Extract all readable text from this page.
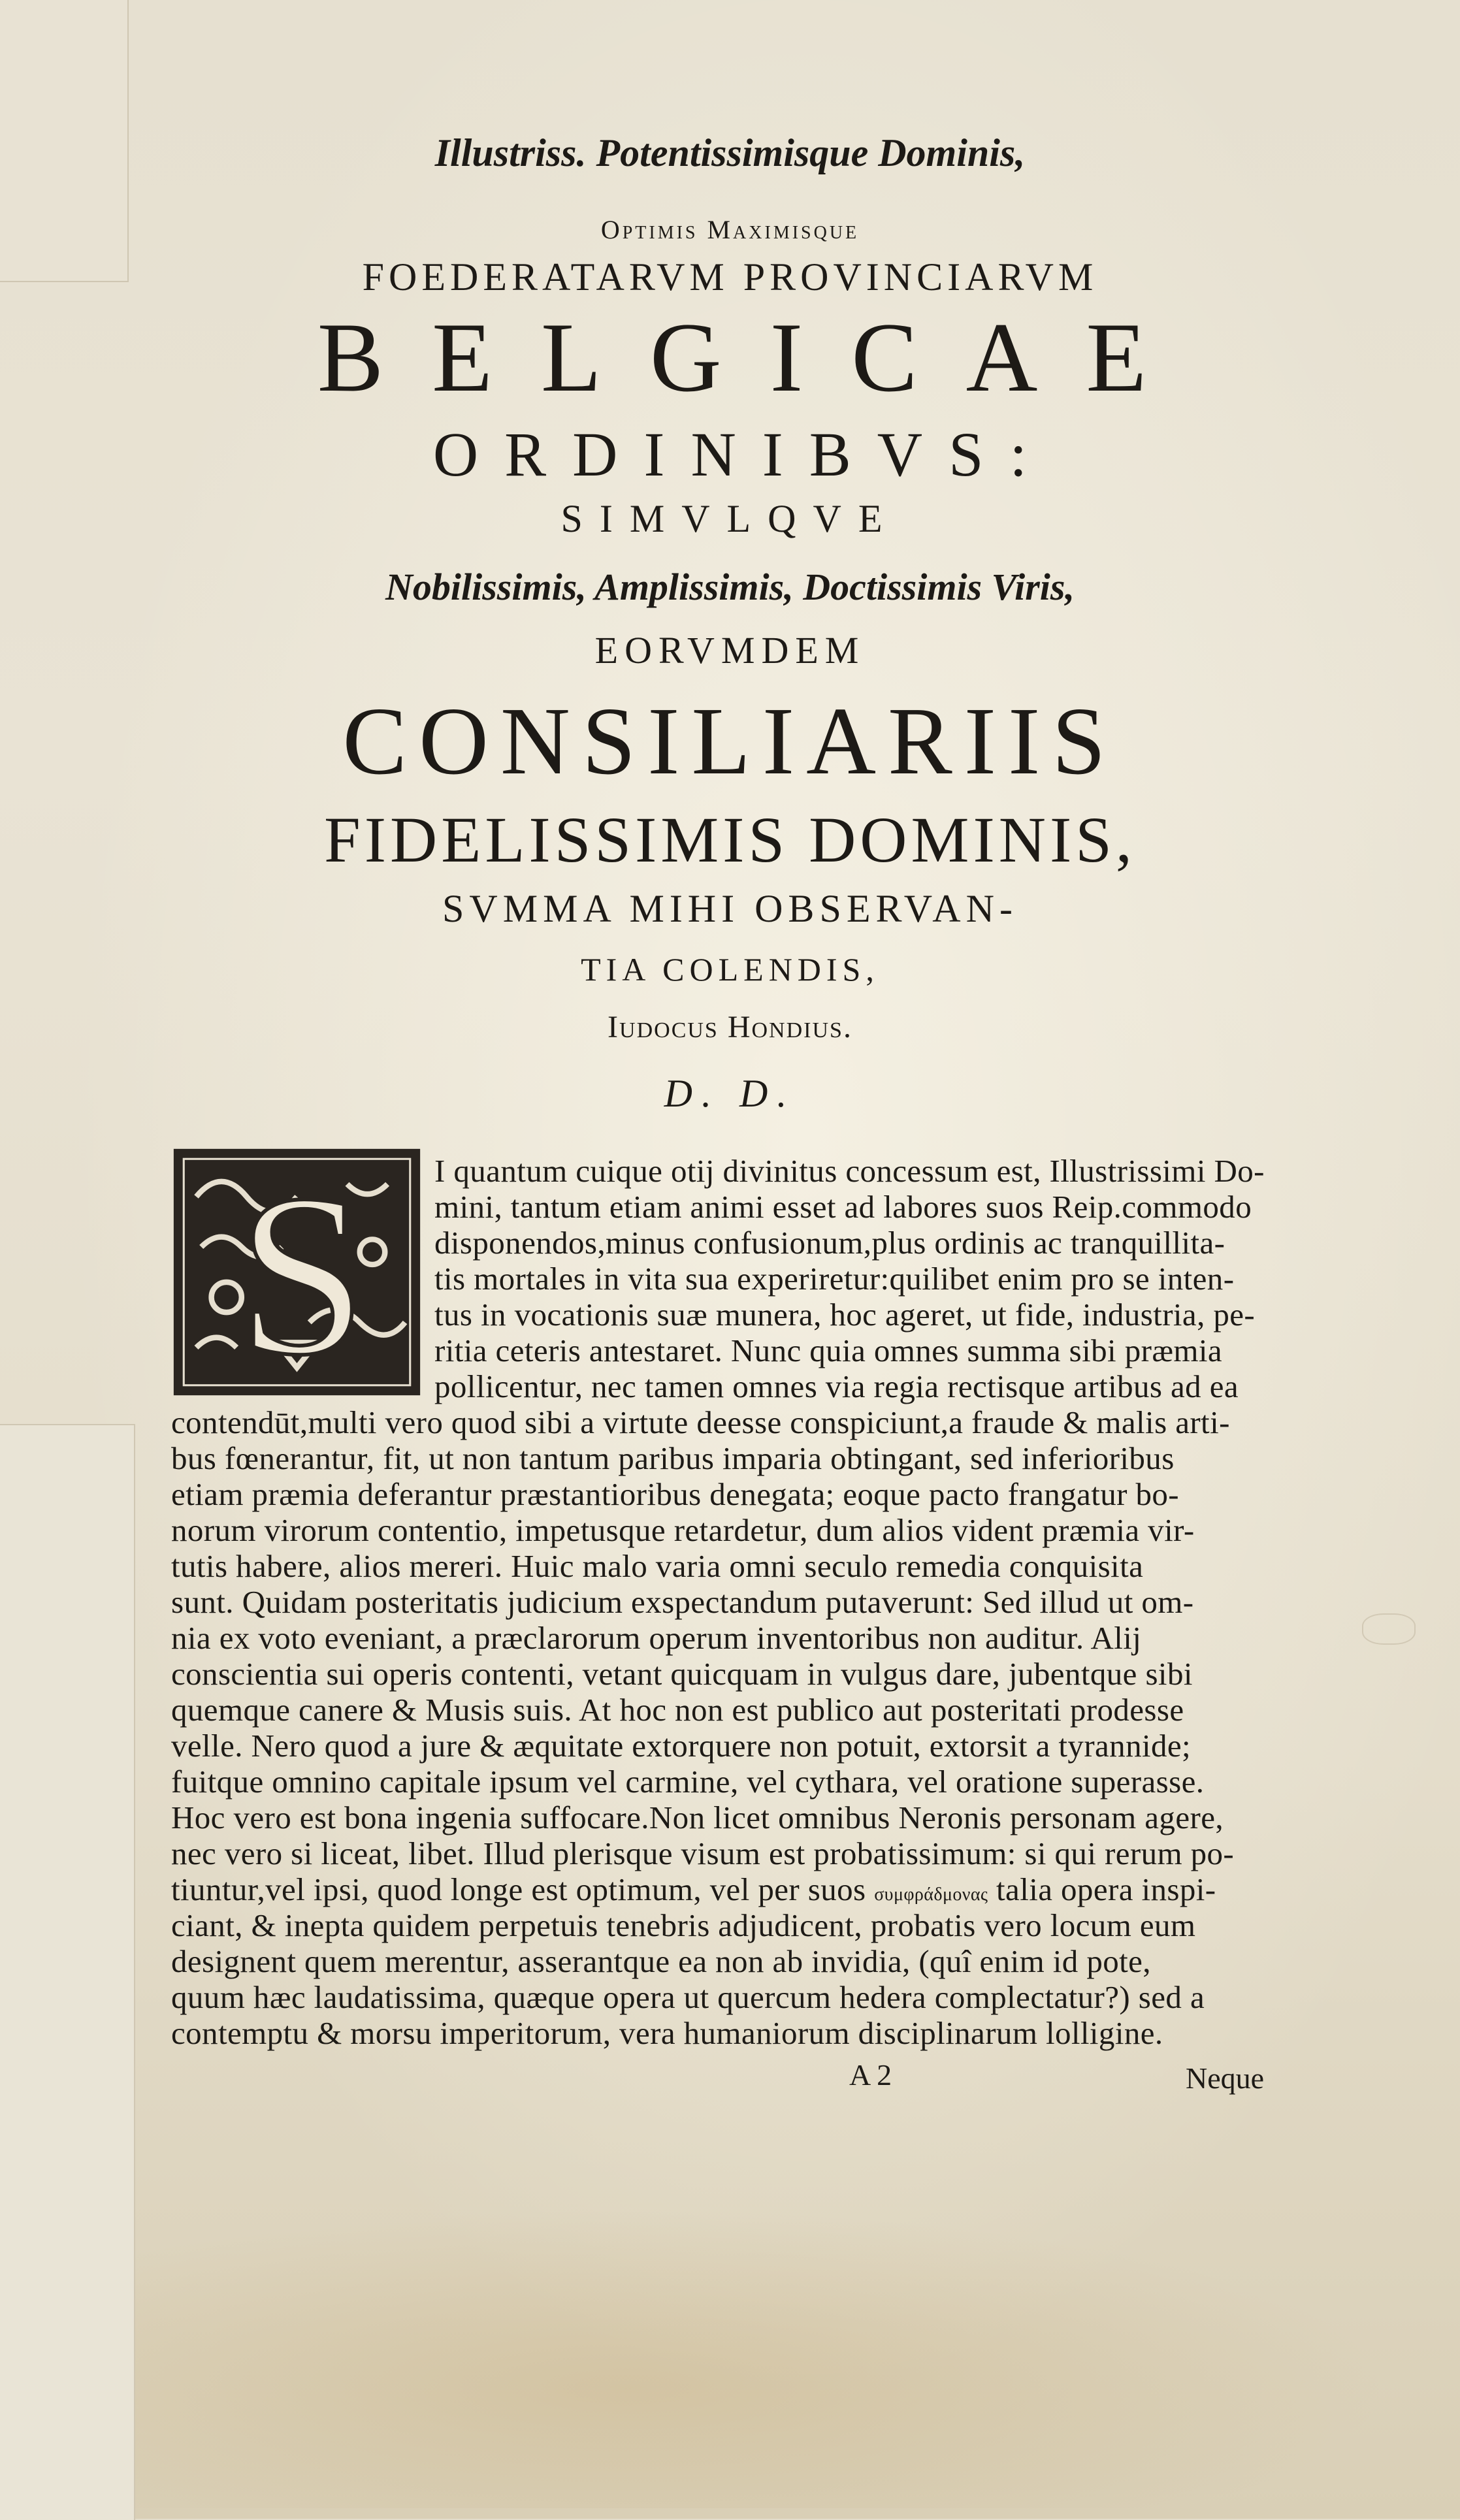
Illustriss. Potentissimisque Dominis,
Optimis Maximisque
FOEDERATARVM PROVINCIARVM
BELGICAE
ORDINIBVS:
SIMVLQVE
Nobilissimis, Amplissimis, Doctissimis Viris,
EORVMDEM
CONSILIARIIS
FIDELISSIMIS DOMINIS,
SVMMA MIHI OBSERVAN-
TIA COLENDIS,
Iudocus Hondius.
D. D.
S I quantum cuique otij divinitus concessum est, Illustrissimi Do-
mini, tantum etiam animi esset ad labores suos Reip.commodo
disponendos,minus confusionum,plus ordinis ac tranquillita-
tis mortales in vita sua experiretur:quilibet enim pro se inten-
tus in vocationis suæ munera, hoc ageret, ut fide, industria, pe-
ritia ceteris antestaret. Nunc quia omnes summa sibi præmia
pollicentur, nec tamen omnes via regia rectisque artibus ad ea
contendūt,multi vero quod sibi a virtute deesse conspiciunt,a fraude & malis arti-
bus fœnerantur, fit, ut non tantum paribus imparia obtingant, sed inferioribus
etiam præmia deferantur præstantioribus denegata; eoque pacto frangatur bo-
norum virorum contentio, impetusque retardetur, dum alios vident præmia vir-
tutis habere, alios mereri. Huic malo varia omni seculo remedia conquisita
sunt. Quidam posteritatis judicium exspectandum putaverunt: Sed illud ut om-
nia ex voto eveniant, a præclarorum operum inventoribus non auditur. Alij
conscientia sui operis contenti, vetant quicquam in vulgus dare, jubentque sibi
quemque canere & Musis suis. At hoc non est publico aut posteritati prodesse
velle. Nero quod a jure & æquitate extorquere non potuit, extorsit a tyrannide;
fuitque omnino capitale ipsum vel carmine, vel cythara, vel oratione superasse.
Hoc vero est bona ingenia suffocare.Non licet omnibus Neronis personam agere,
nec vero si liceat, libet. Illud plerisque visum est probatissimum: si qui rerum po-
tiuntur,vel ipsi, quod longe est optimum, vel per suos συμφράδμονας talia opera inspi-
ciant, & inepta quidem perpetuis tenebris adjudicent, probatis vero locum eum
designent quem merentur, asserantque ea non ab invidia, (quî enim id pote,
quum hæc laudatissima, quæque opera ut quercum hedera complectatur?) sed a
contemptu & morsu imperitorum, vera humaniorum disciplinarum lolligine.
A 2	Neque
